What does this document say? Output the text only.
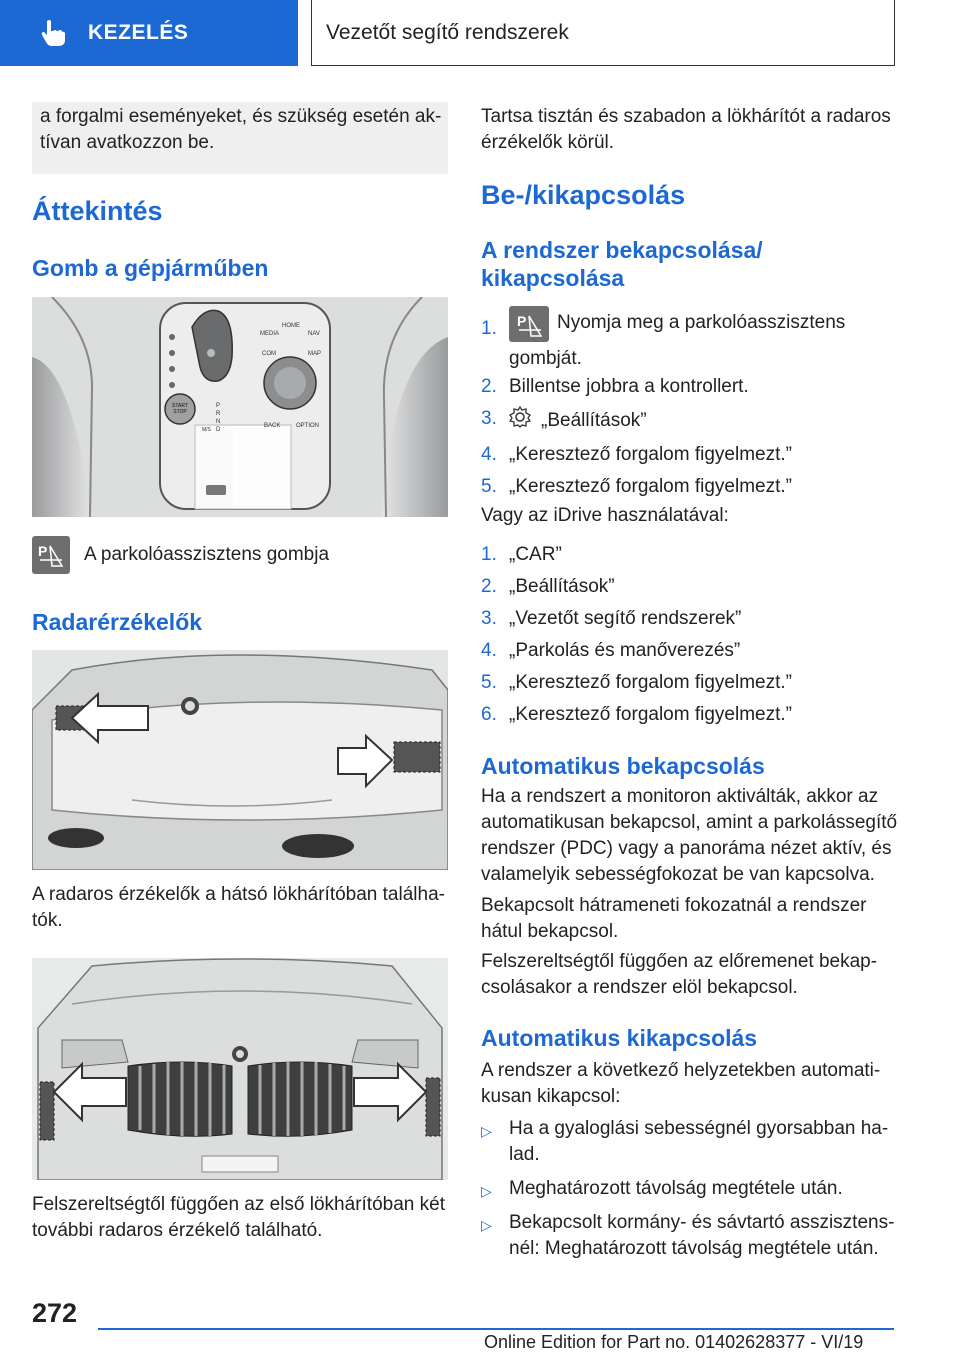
KEZELÉS	Vezetőt segítő rendszerek
a forgalmi eseményeket, és szükség esetén aktívan avatkozzon be.
Áttekintés
Gomb a gépjárműben
START
STOP
HOME
MEDIA	NAV
COM	MAP
BACK	OPTION
P
R
N
D
M/S
P A parkolóasszisztens gombja
Radarérzékelők
A radaros érzékelők a hátsó lökhárítóban találhatók.
Felszereltségtől függően az első lökhárítóban két további radaros érzékelő található.
Tartsa tisztán és szabadon a lökhárítót a radaros érzékelők körül.
Be-/kikapcsolás
A rendszer bekapcsolása/ kikapcsolása
1. P Nyomja meg a parkolóasszisztens gombját.
2. Billentse jobbra a kontrollert.
3. „Beállítások”
4. „Keresztező forgalom figyelmezt.”
5. „Keresztező forgalom figyelmezt.”
Vagy az iDrive használatával:
1. „CAR”
2. „Beállítások”
3. „Vezetőt segítő rendszerek”
4. „Parkolás és manőverezés”
5. „Keresztező forgalom figyelmezt.”
6. „Keresztező forgalom figyelmezt.”
Automatikus bekapcsolás
Ha a rendszert a monitoron aktiválták, akkor az automatikusan bekapcsol, amint a parkolássegítő rendszer (PDC) vagy a panoráma nézet aktív, és valamelyik sebességfokozat be van kapcsolva.
Bekapcsolt hátrameneti fokozatnál a rendszer hátul bekapcsol.
Felszereltségtől függően az előremenet bekapcsolásakor a rendszer elöl bekapcsol.
Automatikus kikapcsolás
A rendszer a következő helyzetekben automatikusan kikapcsol:
▷ Ha a gyaloglási sebességnél gyorsabban halad.
▷ Meghatározott távolság megtétele után.
▷ Bekapcsolt kormány- és sávtartó asszisztensnél: Meghatározott távolság megtétele után.
272
Online Edition for Part no. 01402628377 - VI/19
